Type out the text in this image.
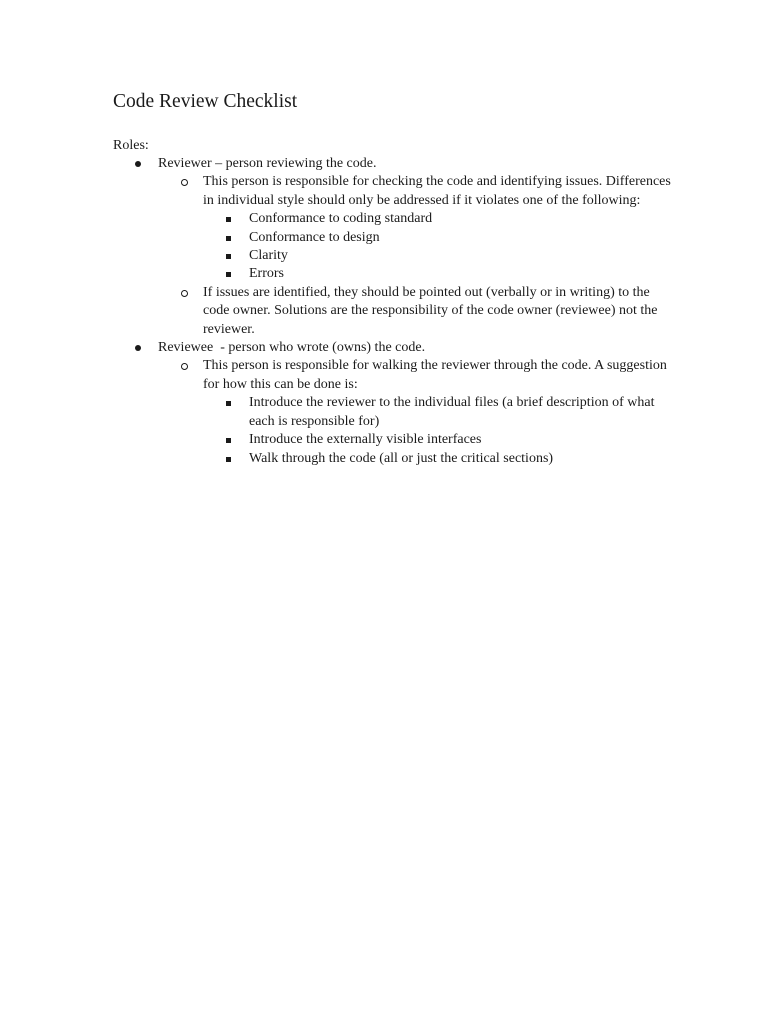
Code Review Checklist
Roles:
Reviewer – person reviewing the code.
This person is responsible for checking the code and identifying issues. Differences in individual style should only be addressed if it violates one of the following:
Conformance to coding standard
Conformance to design
Clarity
Errors
If issues are identified, they should be pointed out (verbally or in writing) to the code owner. Solutions are the responsibility of the code owner (reviewee) not the reviewer.
Reviewee  - person who wrote (owns) the code.
This person is responsible for walking the reviewer through the code. A suggestion for how this can be done is:
Introduce the reviewer to the individual files (a brief description of what each is responsible for)
Introduce the externally visible interfaces
Walk through the code (all or just the critical sections)
